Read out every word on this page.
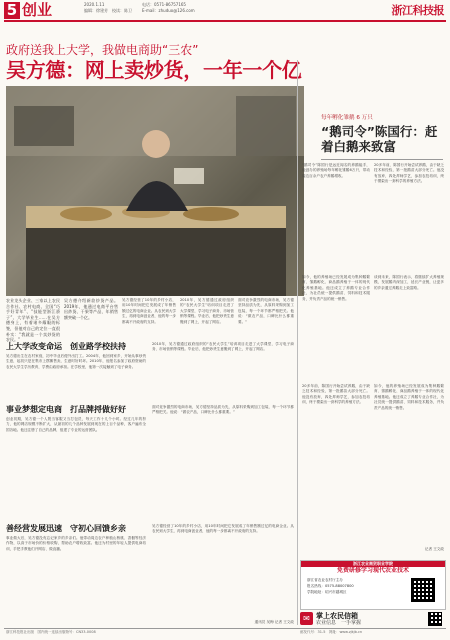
5 创业	2020.1.11
编辑：徐建芳　校读：陈卫
电话：0571-86757165
E-mail：zhuduo@126.com	浙江科技报
政府送我上大学，我做电商助“三农”
吴方德：网上卖炒货，一年一个亿
农业龙头企业、三家以上农民合作社、农村电商、全国“巧手好青年”、“技能型浙江骄子”、大学毕业生……在吴方德身上，有着诸多耀眼的标签，但他对自己的定位一直很朴实：“我就是一个卖炒货的农民。”
吴方德介绍新款炒货产品。2019年，他通过电商平台售出炒货、干果等产品，年销售额突破一个亿。
吴方德经营了10年的乡村小店，用10年时间把它发展成了年销售额过亿的电商企业。从农民到大学生，再到电商创业者，他的每一步都离不开政府的支持。
2010年，吴方德通过政府组织的“农民大学生”培训项目走进了大学课堂，学习电子商务、市场营销等课程。毕业后，他把炒货生意搬到了网上，开起了网店。
面对竞争激烈的电商市场，吴方德坚持品质为先，从原料采购到加工包装，每一个环节都严格把关。他说：“做农产品，口碑比什么都重要。”
上大学改变命运　创业路学校扶持
吴方德出生在农村家庭，初中毕业后便外出打工。2004年，他回到家乡，开始从事炒货生意，起初只是在集市上摆摊售卖，生意时好时坏。2010年，他报名参加了政府资助的农民大学生学历教育，学费由政府承担。在学校里，他第一次接触到了电子商务。
2010年，吴方德通过政府组织的“农民大学生”培训项目走进了大学课堂，学习电子商务、市场营销等课程。毕业后，他把炒货生意搬到了网上，开起了网店。
事业梦想定电商　打品牌捋做好好
创业初期，吴方德一个人既当客服又当打包员，每天工作十几个小时。经过几年的努力，他的网店规模不断扩大，从最初的几个品种发展到现在的上百个品种，客户遍布全国各地。他还注册了自己的品牌，组建了专业的运营团队。
面对竞争激烈的电商市场，吴方德坚持品质为先，从原料采购到加工包装，每一个环节都严格把关。他说：“做农产品，口碑比什么都重要。”
善经营发展迅速　守初心回馈乡亲
事业做大后，吴方德没有忘记家乡的乡亲们。他带动周边农户种植山核桃、香榧等经济作物，以高于市场价的价格收购，帮助农户增收致富。他还为村里的年轻人提供电商培训，手把手教他们开网店、做直播。
吴方德经营了10年的乡村小店，用10年时间把它发展成了年销售额过亿的电商企业。从农民到大学生，再到电商创业者，他的每一步都离不开政府的支持。
通讯员 吴梅 记者 王文政
每年孵化雏鹅 6 万只
“鹅司令”陈国行：赶着白鹅来致富
“鹅司令”陈国行是远近闻名的养鹅能手，他创办的养殖场每年孵化雏鹅6万只，带动周边百余户农户养鹅增收。
20多年前，陈国行开始尝试养鹅，由于缺乏技术和经验，第一批鹅苗大部分死亡。他没有放弃，四处拜师学艺，参加农技培训，终于摸索出一套科学的养殖方法。
如今，他的养殖场已经发展成为集种鹅繁育、雏鹅孵化、商品鹅养殖于一体的现代化养殖基地。他还成立了养鹅专业合作社，为社员统一提供鹅苗、饲料和技术服务，并负责产品的统一销售。
谈到未来，陈国行表示，将继续扩大养殖规模，发展鹅肉深加工，延长产业链，让更多的乡亲通过养鹅走上致富路。
20多年前，陈国行开始尝试养鹅，由于缺乏技术和经验，第一批鹅苗大部分死亡。他没有放弃，四处拜师学艺，参加农技培训，终于摸索出一套科学的养殖方法。
如今，他的养殖场已经发展成为集种鹅繁育、雏鹅孵化、商品鹅养殖于一体的现代化养殖基地。他还成立了养鹅专业合作社，为社员统一提供鹅苗、饲料和技术服务，并负责产品的统一销售。
记者 王文政
浙江农业商贸职业学院
免费研修学习现代农业技术
浙江省农业农村厅主办
报名热线：0575-88007800
学院地址：绍兴市越城区
✉ 掌上农民信箱
农业信息　一手掌握
浙江科技报社出版　国内统一连续出版物号：CN33-0008	邮发代号：31-5　网址：www.zjkjb.cn
